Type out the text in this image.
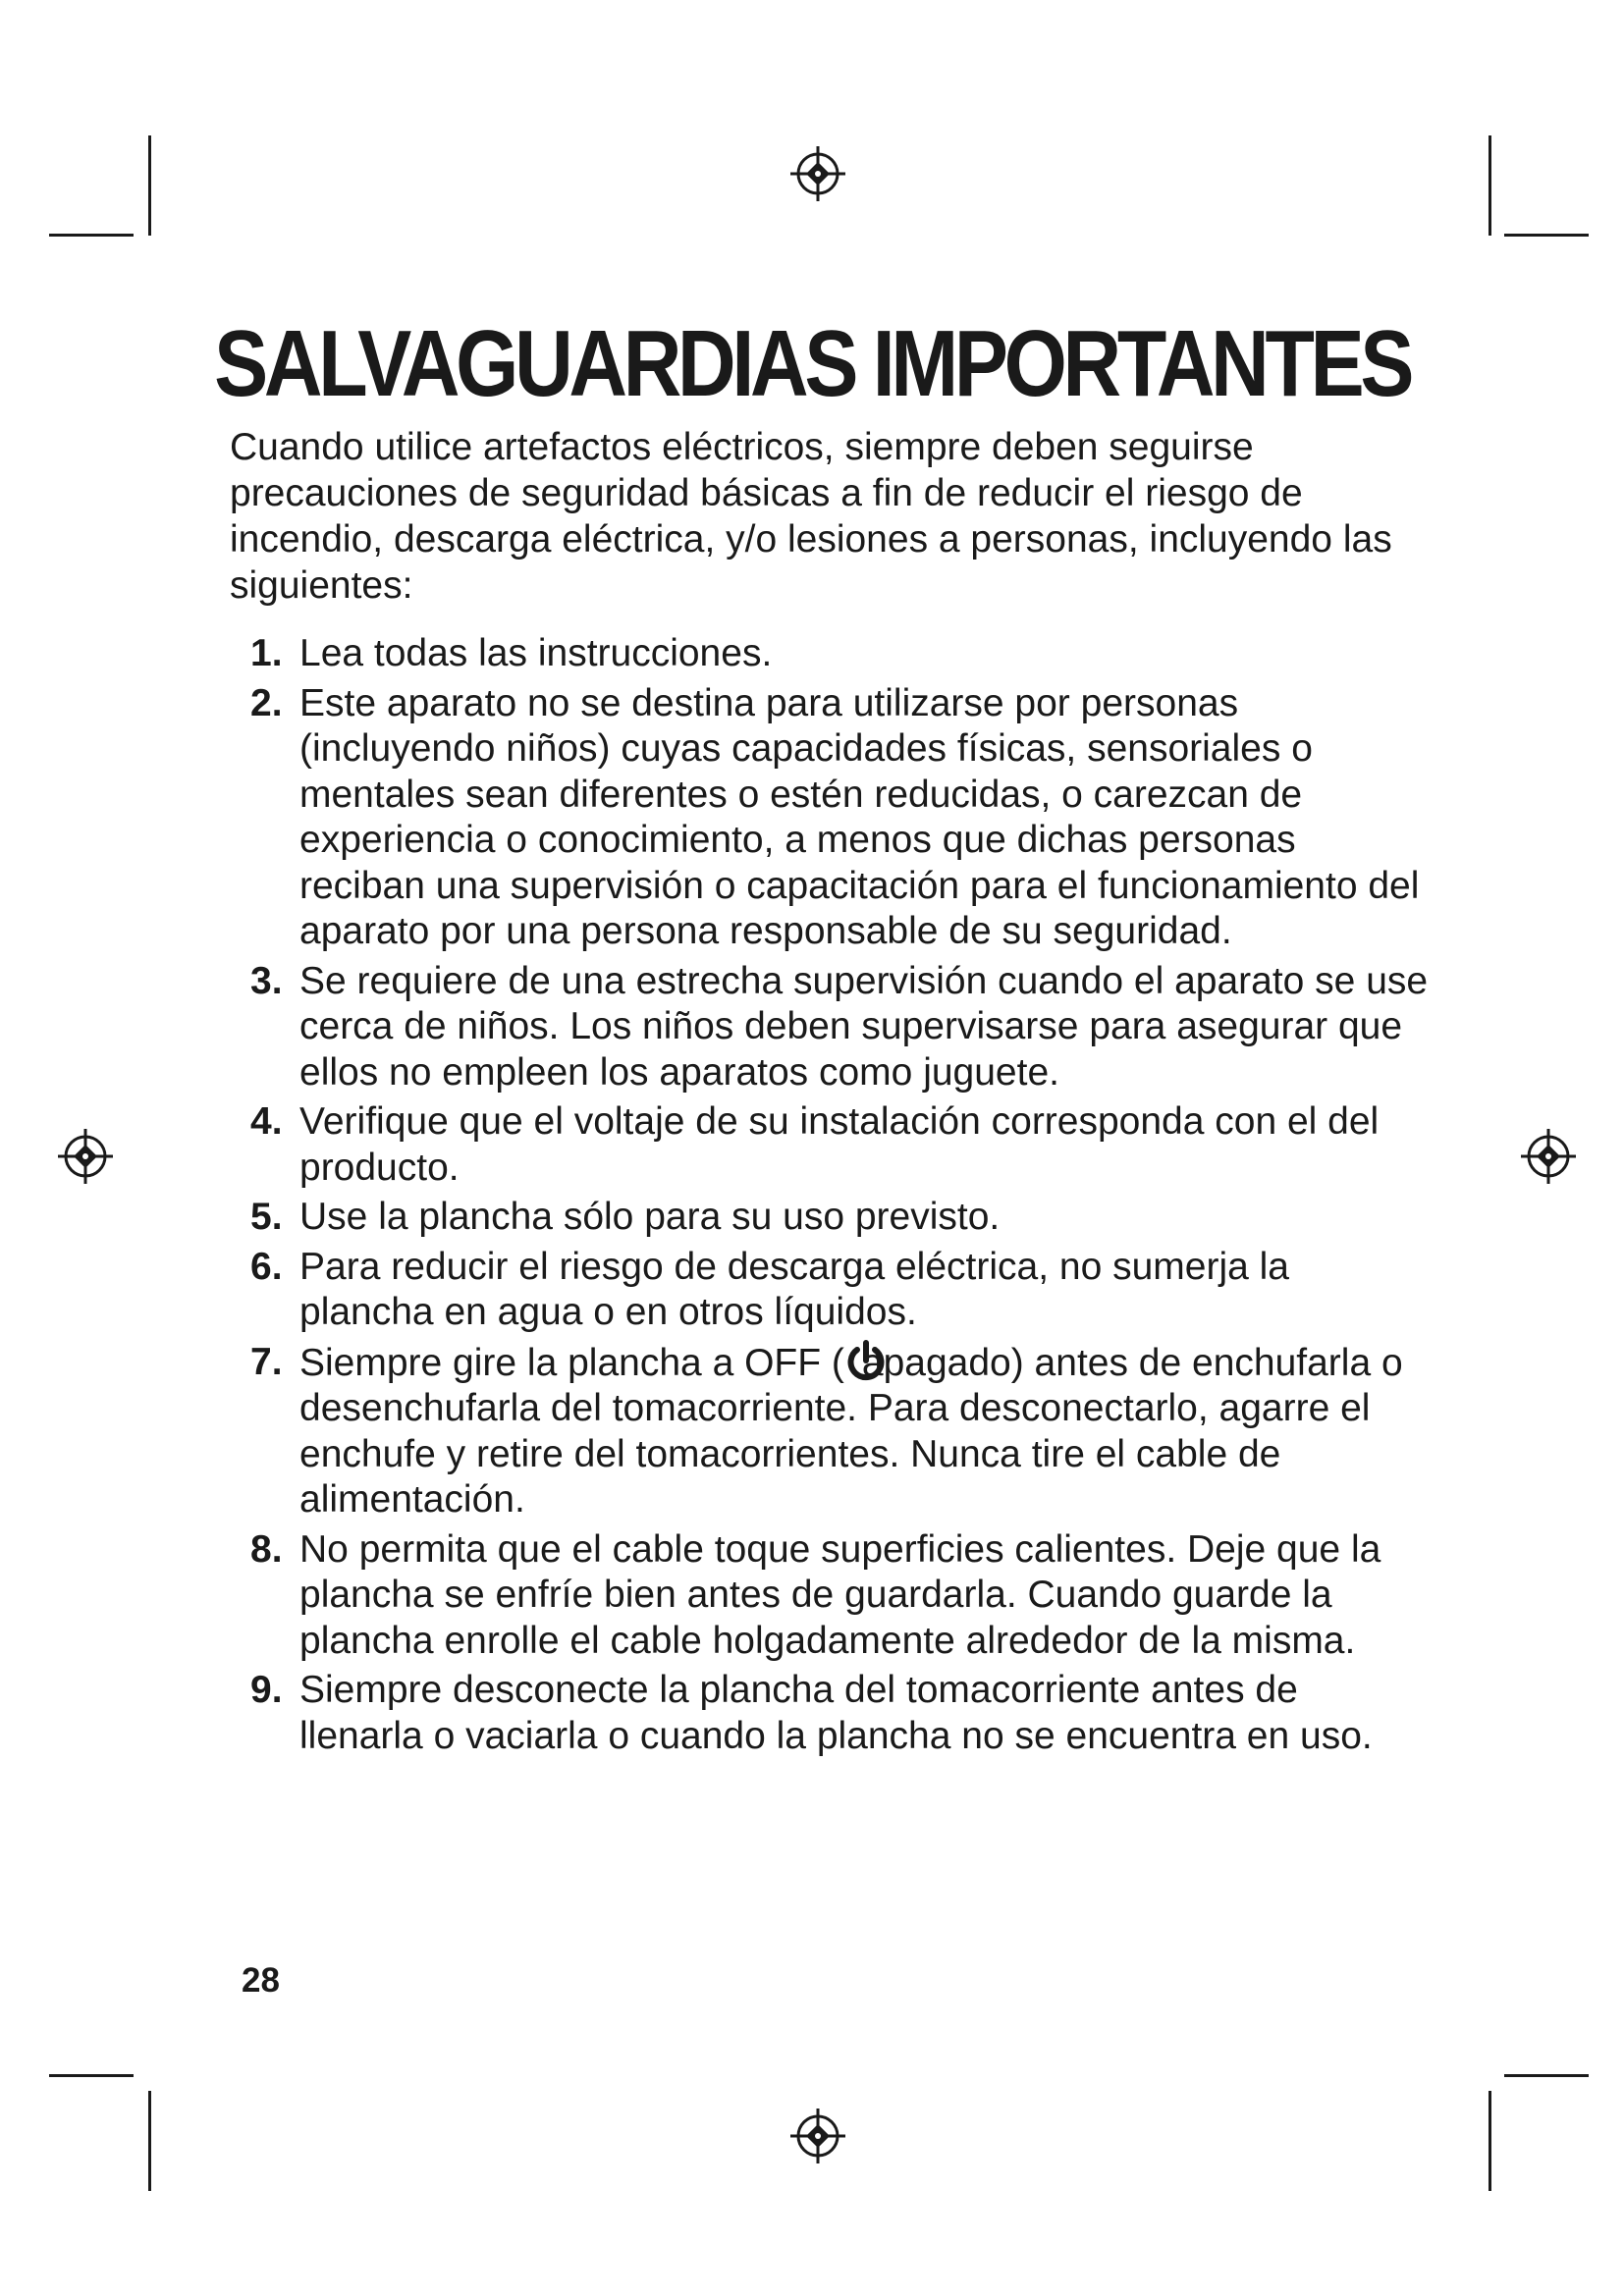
SALVAGUARDIAS IMPORTANTES

Cuando utilice artefactos eléctricos, siempre deben seguirse precauciones de seguridad básicas a fin de reducir el riesgo de incendio, descarga eléctrica, y/o lesiones a personas, incluyendo las siguientes:

1. Lea todas las instrucciones.
2. Este aparato no se destina para utilizarse por personas (incluyendo niños) cuyas capacidades físicas, sensoriales o mentales sean diferentes o estén reducidas, o carezcan de experiencia o conocimiento, a menos que dichas personas reciban una supervisión o capacitación para el funcionamiento del aparato por una persona responsable de su seguridad.
3. Se requiere de una estrecha supervisión cuando el aparato se use cerca de niños. Los niños deben supervisarse para asegurar que ellos no empleen los aparatos como juguete.
4. Verifique que el voltaje de su instalación corresponda con el del producto.
5. Use la plancha sólo para su uso previsto.
6. Para reducir el riesgo de descarga eléctrica, no sumerja la plancha en agua o en otros líquidos.
7. Siempre gire la plancha a OFF ( apagado) antes de enchufarla o desenchufarla del tomacorriente. Para desconectarlo, agarre el enchufe y retire del tomacorrientes. Nunca tire el cable de alimentación.
8. No permita que el cable toque superficies calientes. Deje que la plancha se enfríe bien antes de guardarla. Cuando guarde la plancha enrolle el cable holgadamente alrededor de la misma.
9. Siempre desconecte la plancha del tomacorriente antes de llenarla o vaciarla o cuando la plancha no se encuentra en uso.

28
